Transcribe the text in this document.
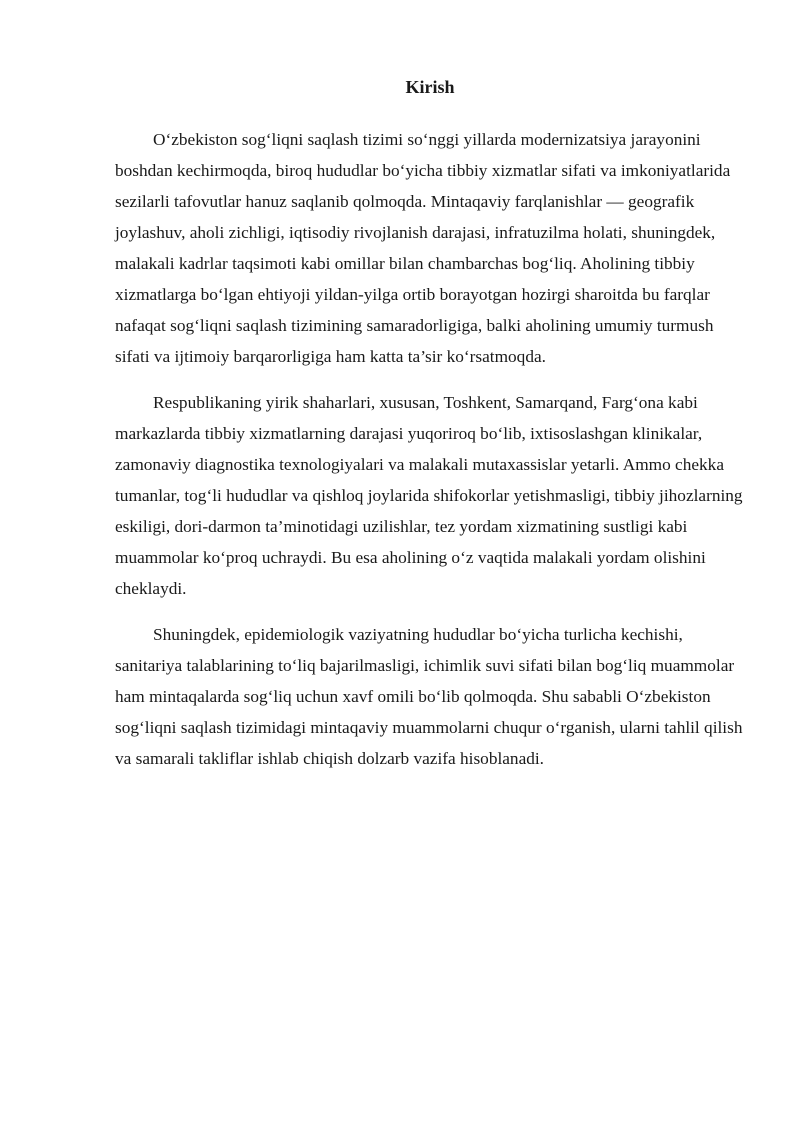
Kirish

O‘zbekiston sog‘liqni saqlash tizimi so‘nggi yillarda modernizatsiya jarayonini boshdan kechirmoqda, biroq hududlar bo‘yicha tibbiy xizmatlar sifati va imkoniyatlarida sezilarli tafovutlar hanuz saqlanib qolmoqda. Mintaqaviy farqlanishlar — geografik joylashuv, aholi zichligi, iqtisodiy rivojlanish darajasi, infratuzilma holati, shuningdek, malakali kadrlar taqsimoti kabi omillar bilan chambarchas bog‘liq. Aholining tibbiy xizmatlarga bo‘lgan ehtiyoji yildan-yilga ortib borayotgan hozirgi sharoitda bu farqlar nafaqat sog‘liqni saqlash tizimining samaradorligiga, balki aholining umumiy turmush sifati va ijtimoiy barqarorligiga ham katta ta’sir ko‘rsatmoqda.

Respublikaning yirik shaharlari, xususan, Toshkent, Samarqand, Farg‘ona kabi markazlarda tibbiy xizmatlarning darajasi yuqoriroq bo‘lib, ixtisoslashgan klinikalar, zamonaviy diagnostika texnologiyalari va malakali mutaxassislar yetarli. Ammo chekka tumanlar, tog‘li hududlar va qishloq joylarida shifokorlar yetishmasligi, tibbiy jihozlarning eskiligi, dori-darmon ta’minotidagi uzilishlar, tez yordam xizmatining sustligi kabi muammolar ko‘proq uchraydi. Bu esa aholining o‘z vaqtida malakali yordam olishini cheklaydi.

Shuningdek, epidemiologik vaziyatning hududlar bo‘yicha turlicha kechishi, sanitariya talablarining to‘liq bajarilmasligi, ichimlik suvi sifati bilan bog‘liq muammolar ham mintaqalarda sog‘liq uchun xavf omili bo‘lib qolmoqda. Shu sababli O‘zbekiston sog‘liqni saqlash tizimidagi mintaqaviy muammolarni chuqur o‘rganish, ularni tahlil qilish va samarali takliflar ishlab chiqish dolzarb vazifa hisoblanadi.
